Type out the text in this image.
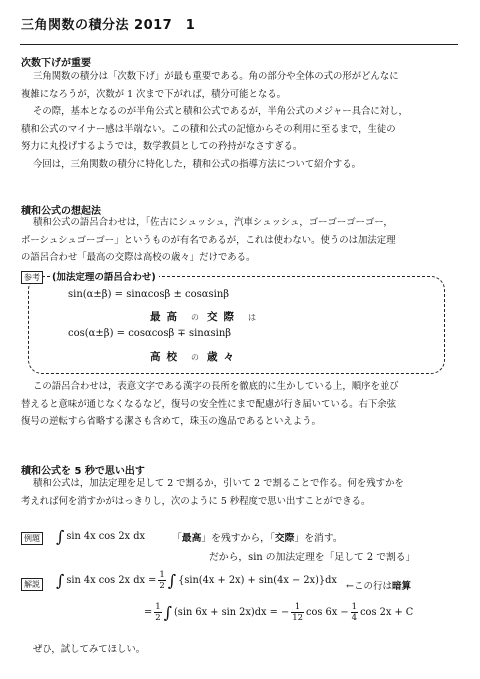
三角関数の積分法 2017　1
次数下げが重要
三角関数の積分は「次数下げ」が最も重要である。角の部分や全体の式の形がどんなに
複雑になろうが，次数が 1 次まで下がれば，積分可能となる。
その際，基本となるのが半角公式と積和公式であるが，半角公式のメジャー具合に対し，
積和公式のマイナー感は半端ない。この積和公式の記憶からその利用に至るまで，生徒の
努力に丸投げするようでは，数学教員としての矜持がなさすぎる。
今回は，三角関数の積分に特化した，積和公式の指導方法について紹介する。
積和公式の想起法
積和公式の語呂合わせは，「佐古にシュッシュ，汽車シュッシュ，ゴーゴーゴーゴー，
ボーシュシュゴーゴー」というものが有名であるが，これは使わない。使うのは加法定理
の語呂合わせ「最高の交際は高校の歳々」だけである。
参考	(加法定理の語呂合わせ)
sin(α±β) = sinαcosβ ± cosαsinβ
最高 の 交際 は
cos(α±β) = cosαcosβ ∓ sinαsinβ
高校 の 歳々
この語呂合わせは，表意文字である漢字の長所を徹底的に生かしている上，順序を並び
替えると意味が通じなくなるなど，復号の安全性にまで配慮が行き届いている。右下余弦
復号の逆転すら省略する潔さも含めて，珠玉の逸品であるといえよう。
積和公式を 5 秒で思い出す
積和公式は，加法定理を足して 2 で割るか，引いて 2 で割ることで作る。何を残すかを
考えれば何を消すかがはっきりし，次のように 5 秒程度で思い出すことができる。
例題 ∫ sin 4x cos 2x dx	「最高」を残すから，「交際」を消す。
だから，sin の加法定理を「足して 2 で割る」
解説 ∫ sin 4x cos 2x dx = $\frac{1}{2}$ ∫ {sin(4x + 2x) + sin(4x − 2x)}dx
←この行は暗算
= $\frac{1}{2}$ ∫ (sin 6x + sin 2x)dx = − $\frac{1}{12}$ $\cos 6x - \frac{1}{4}$ cos 2x + C
ぜひ，試してみてほしい。
